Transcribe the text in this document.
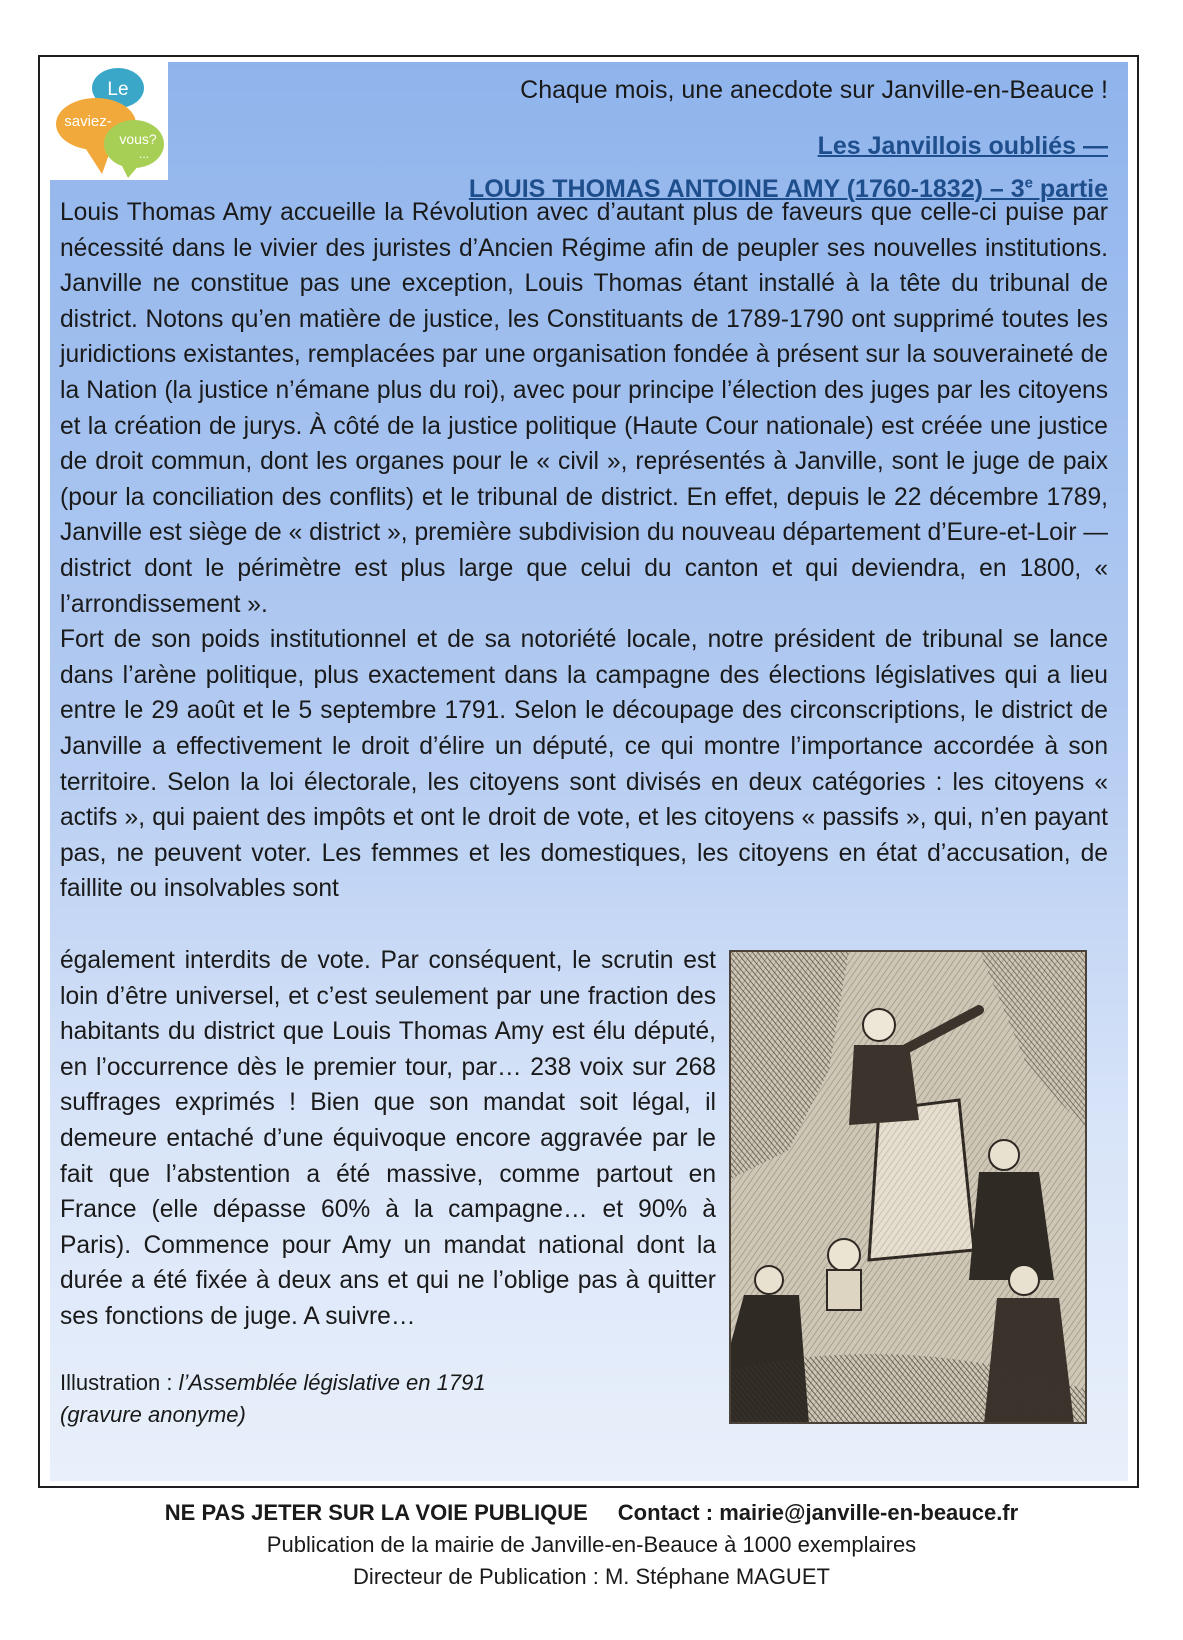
Le
saviez-
vous?
...
Chaque mois, une anecdote sur Janville-en-Beauce !
Les Janvillois oubliés —
LOUIS THOMAS ANTOINE AMY (1760-1832) – 3e partie

Louis Thomas Amy accueille la Révolution avec d’autant plus de faveurs que celle-ci puise par nécessité dans le vivier des juristes d’Ancien Régime afin de peupler ses nouvelles institutions. Janville ne constitue pas une exception, Louis Thomas étant installé à la tête du tribunal de district. Notons qu’en matière de justice, les Constituants de 1789-1790 ont supprimé toutes les juridictions existantes, remplacées par une organisation fondée à présent sur la souveraineté de la Nation (la justice n’émane plus du roi), avec pour principe l’élection des juges par les citoyens et la création de jurys. À côté de la justice politique (Haute Cour nationale) est créée une justice de droit commun, dont les organes pour le « civil », représentés à Janville, sont le juge de paix (pour la conciliation des conflits) et le tribunal de district. En effet, depuis le 22 décembre 1789, Janville est siège de « district », première subdivision du nouveau département d’Eure-et-Loir — district dont le périmètre est plus large que celui du canton et qui deviendra, en 1800, « l’arrondissement ».

Fort de son poids institutionnel et de sa notoriété locale, notre président de tribunal se lance dans l’arène politique, plus exactement dans la campagne des élections législatives qui a lieu entre le 29 août et le 5 septembre 1791. Selon le découpage des circonscriptions, le district de Janville a effectivement le droit d’élire un député, ce qui montre l’importance accordée à son territoire. Selon la loi électorale, les citoyens sont divisés en deux catégories : les citoyens « actifs », qui paient des impôts et ont le droit de vote, et les citoyens « passifs », qui, n’en payant pas, ne peuvent voter. Les femmes et les domestiques, les citoyens en état d’accusation, de faillite ou insolvables sont

également interdits de vote. Par conséquent, le scrutin est loin d’être universel, et c’est seulement par une fraction des habitants du district que Louis Thomas Amy est élu député, en l’occurrence dès le premier tour, par… 238 voix sur 268 suffrages exprimés ! Bien que son mandat soit légal, il demeure entaché d’une équivoque encore aggravée par le fait que l’abstention a été massive, comme partout en France (elle dépasse 60% à la campagne… et 90% à Paris). Commence pour Amy un mandat national dont la durée a été fixée à deux ans et qui ne l’oblige pas à quitter ses fonctions de juge. A suivre…

Illustration : l’Assemblée législative en 1791
(gravure anonyme)
NE PAS JETER SUR LA VOIE PUBLIQUE Contact : mairie@janville-en-beauce.fr
Publication de la mairie de Janville-en-Beauce à 1000 exemplaires
Directeur de Publication : M. Stéphane MAGUET
